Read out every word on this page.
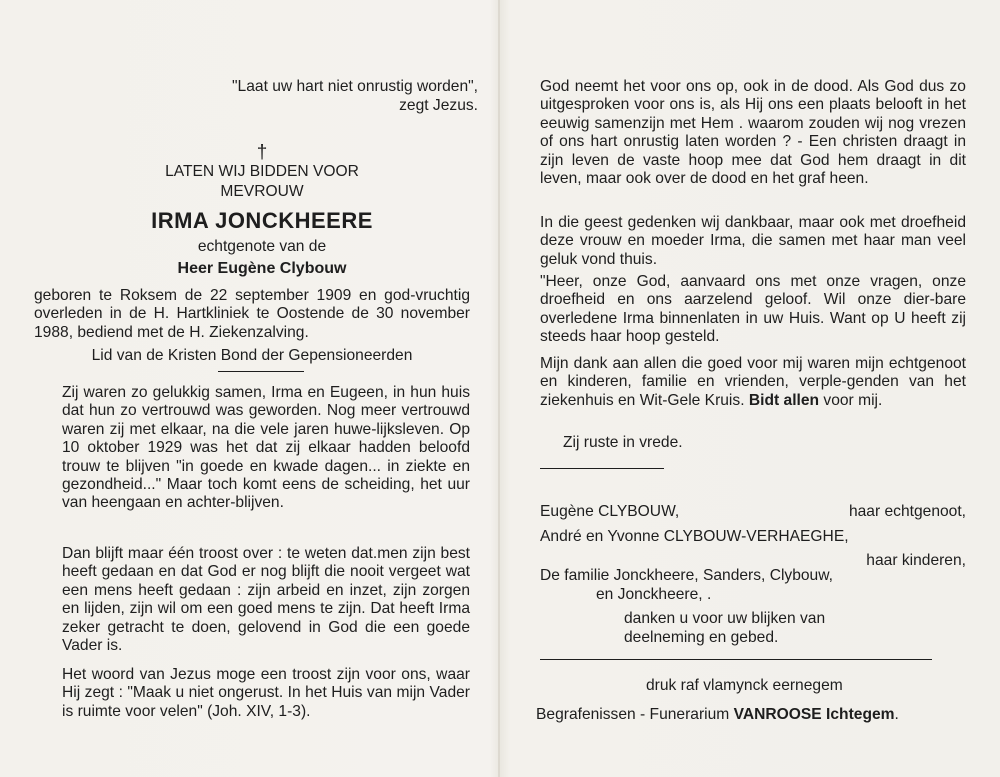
"Laat uw hart niet onrustig worden",

zegt Jezus.

†

LATEN WIJ BIDDEN VOOR

MEVROUW

IRMA JONCKHEERE

echtgenote van de

Heer Eugène Clybouw

geboren te Roksem de 22 september 1909 en god-vruchtig overleden in de H. Hartkliniek te Oostende de 30 november 1988, bediend met de H. Ziekenzalving.

Lid van de Kristen Bond der Gepensioneerden

Zij waren zo gelukkig samen, Irma en Eugeen, in hun huis dat hun zo vertrouwd was geworden. Nog meer vertrouwd waren zij met elkaar, na die vele jaren huwe-lijksleven. Op 10 oktober 1929 was het dat zij elkaar hadden beloofd trouw te blijven "in goede en kwade dagen... in ziekte en gezondheid..." Maar toch komt eens de scheiding, het uur van heengaan en achter-blijven.

Dan blijft maar één troost over : te weten dat.men zijn best heeft gedaan en dat God er nog blijft die nooit vergeet wat een mens heeft gedaan : zijn arbeid en inzet, zijn zorgen en lijden, zijn wil om een goed mens te zijn. Dat heeft Irma zeker getracht te doen, gelovend in God die een goede Vader is.

Het woord van Jezus moge een troost zijn voor ons, waar Hij zegt : "Maak u niet ongerust. In het Huis van mijn Vader is ruimte voor velen" (Joh. XIV, 1-3).

God neemt het voor ons op, ook in de dood. Als God dus zo uitgesproken voor ons is, als Hij ons een plaats belooft in het eeuwig samenzijn met Hem . waarom zouden wij nog vrezen of ons hart onrustig laten worden ? - Een christen draagt in zijn leven de vaste hoop mee dat God hem draagt in dit leven, maar ook over de dood en het graf heen.

In die geest gedenken wij dankbaar, maar ook met droefheid deze vrouw en moeder Irma, die samen met haar man veel geluk vond thuis.

"Heer, onze God, aanvaard ons met onze vragen, onze droefheid en ons aarzelend geloof. Wil onze dier-bare overledene Irma binnenlaten in uw Huis. Want op U heeft zij steeds haar hoop gesteld.

Mijn dank aan allen die goed voor mij waren mijn echtgenoot en kinderen, familie en vrienden, verple-genden van het ziekenhuis en Wit-Gele Kruis. Bidt allen voor mij.

Zij ruste in vrede.

Eugène CLYBOUW,	haar echtgenoot,

André en Yvonne CLYBOUW-VERHAEGHE,

haar kinderen,

De familie Jonckheere, Sanders, Clybouw,

en Jonckheere, .

danken u voor uw blijken van

deelneming en gebed.

druk raf vlamynck eernegem

Begrafenissen - Funerarium VANROOSE Ichtegem.
